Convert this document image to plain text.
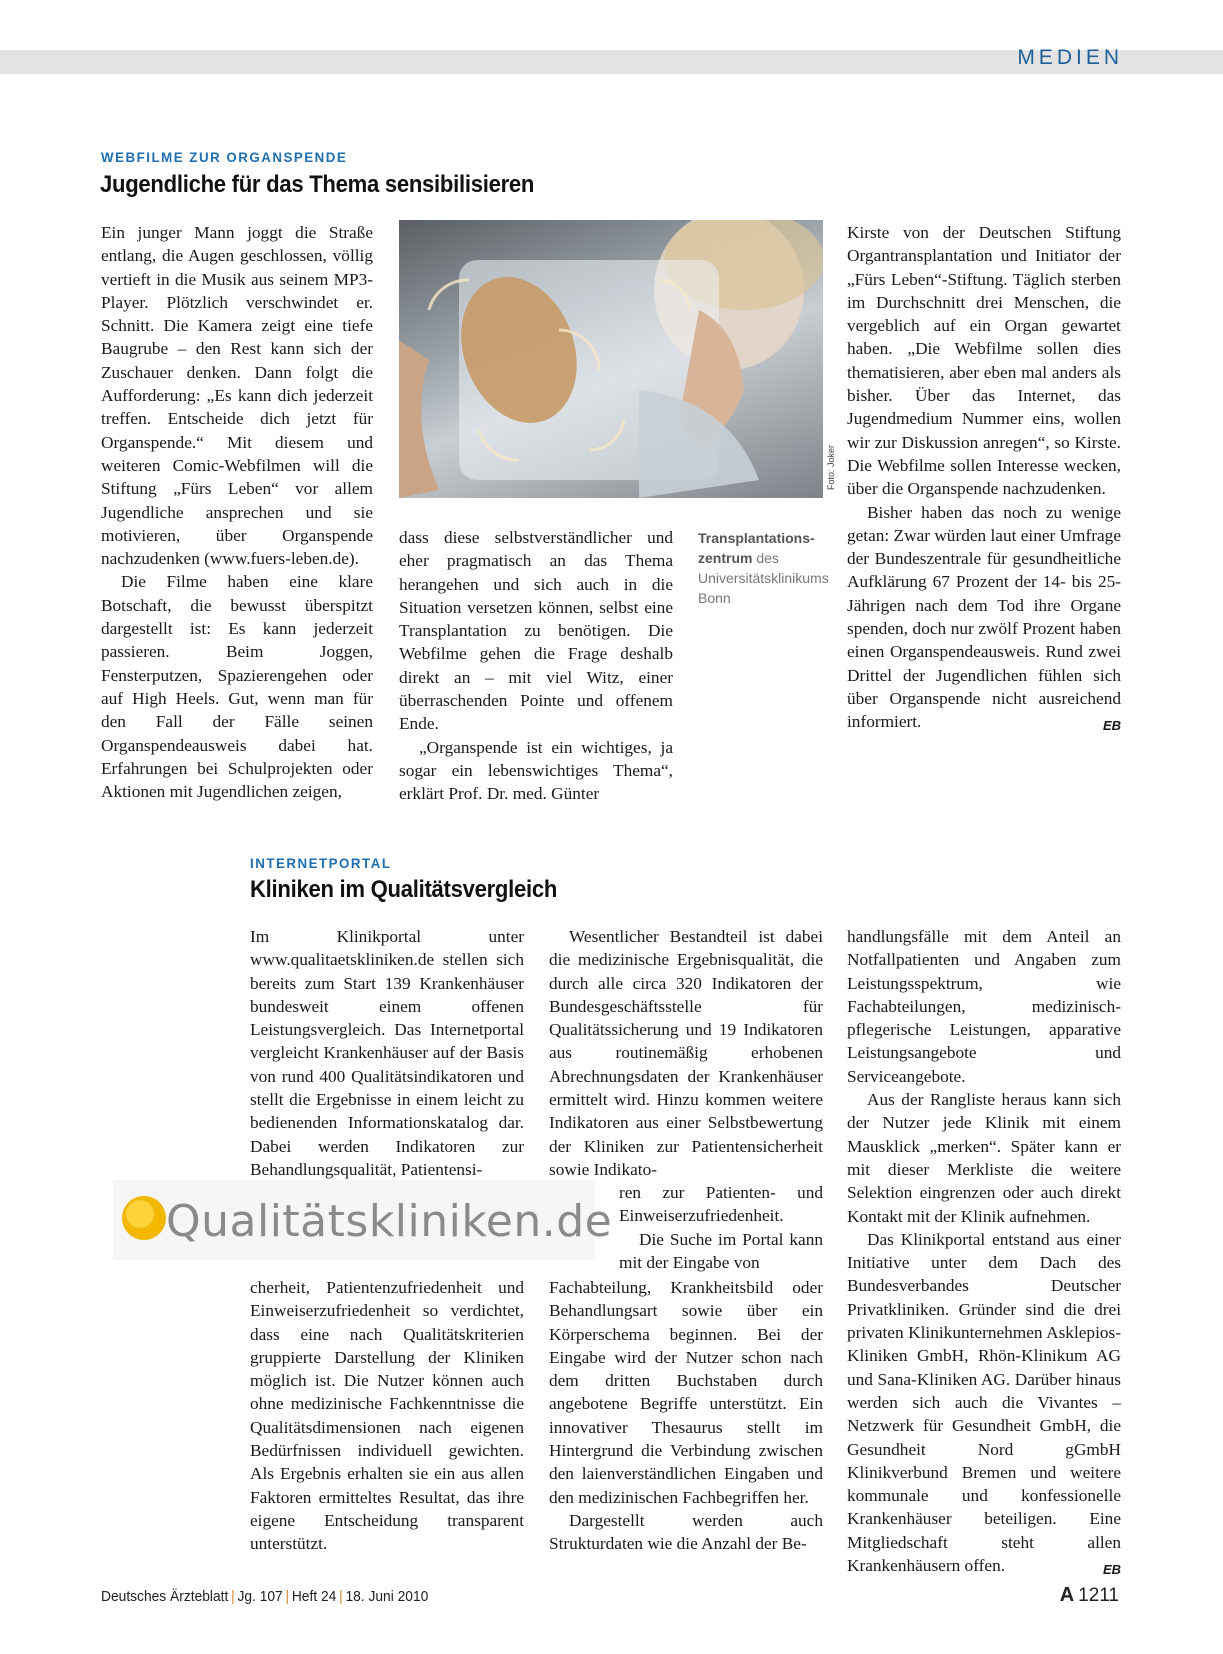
MEDIEN
WEBFILME ZUR ORGANSPENDE
Jugendliche für das Thema sensibilisieren

Ein junger Mann joggt die Straße entlang, die Augen geschlossen, völlig vertieft in die Musik aus seinem MP3-Player. Plötzlich verschwindet er. Schnitt. Die Kamera zeigt eine tiefe Baugrube – den Rest kann sich der Zuschauer denken. Dann folgt die Aufforderung: „Es kann dich jederzeit treffen. Entscheide dich jetzt für Organspende.“ Mit diesem und weiteren Comic-Webfilmen will die Stiftung „Fürs Leben“ vor allem Jugendliche ansprechen und sie motivieren, über Organspende nachzudenken (www.fuers-leben.de).

Die Filme haben eine klare Botschaft, die bewusst überspitzt dargestellt ist: Es kann jederzeit passieren. Beim Joggen, Fensterputzen, Spazierengehen oder auf High Heels. Gut, wenn man für den Fall der Fälle seinen Organspendeausweis dabei hat. Erfahrungen bei Schulprojekten oder Aktionen mit Jugendlichen zeigen,

Foto: Joker

dass diese selbstverständlicher und eher pragmatisch an das Thema herangehen und sich auch in die Situation versetzen können, selbst eine Transplantation zu benötigen. Die Webfilme gehen die Frage deshalb direkt an – mit viel Witz, einer überraschenden Pointe und offenem Ende.

„Organspende ist ein wichtiges, ja sogar ein lebenswichtiges Thema“, erklärt Prof. Dr. med. Günter

Transplantationszentrum des Universitätsklinikums Bonn

Kirste von der Deutschen Stiftung Organtransplantation und Initiator der „Fürs Leben“-Stiftung. Täglich sterben im Durchschnitt drei Menschen, die vergeblich auf ein Organ gewartet haben. „Die Webfilme sollen dies thematisieren, aber eben mal anders als bisher. Über das Internet, das Jugendmedium Nummer eins, wollen wir zur Diskussion anregen“, so Kirste. Die Webfilme sollen Interesse wecken, über die Organspende nachzudenken.

Bisher haben das noch zu wenige getan: Zwar würden laut einer Umfrage der Bundeszentrale für gesundheitliche Aufklärung 67 Prozent der 14- bis 25-Jährigen nach dem Tod ihre Organe spenden, doch nur zwölf Prozent haben einen Organspendeausweis. Rund zwei Drittel der Jugendlichen fühlen sich über Organspende nicht ausreichend informiert.	EB

INTERNETPORTAL
Kliniken im Qualitätsvergleich

Im Klinikportal unter www.qualitaetskliniken.de stellen sich bereits zum Start 139 Krankenhäuser bundesweit einem offenen Leistungsvergleich. Das Internetportal vergleicht Krankenhäuser auf der Basis von rund 400 Qualitätsindikatoren und stellt die Ergebnisse in einem leicht zu bedienenden Informationskatalog dar. Dabei werden Indikatoren zur Behandlungsqualität, Patientensi-

Qualitätskliniken.de

cherheit, Patientenzufriedenheit und Einweiserzufriedenheit so verdichtet, dass eine nach Qualitätskriterien gruppierte Darstellung der Kliniken möglich ist. Die Nutzer können auch ohne medizinische Fachkenntnisse die Qualitätsdimensionen nach eigenen Bedürfnissen individuell gewichten. Als Ergebnis erhalten sie ein aus allen Faktoren ermitteltes Resultat, das ihre eigene Entscheidung transparent unterstützt.

Wesentlicher Bestandteil ist dabei die medizinische Ergebnisqualität, die durch alle circa 320 Indikatoren der Bundesgeschäftsstelle für Qualitätssicherung und 19 Indikatoren aus routinemäßig erhobenen Abrechnungsdaten der Krankenhäuser ermittelt wird. Hinzu kommen weitere Indikatoren aus einer Selbstbewertung der Kliniken zur Patientensicherheit sowie Indikato-

ren zur Patienten- und Einweiserzufriedenheit.

Die Suche im Portal kann mit der Eingabe von

Fachabteilung, Krankheitsbild oder Behandlungsart sowie über ein Körperschema beginnen. Bei der Eingabe wird der Nutzer schon nach dem dritten Buchstaben durch angebotene Begriffe unterstützt. Ein innovativer Thesaurus stellt im Hintergrund die Verbindung zwischen den laienverständlichen Eingaben und den medizinischen Fachbegriffen her.

Dargestellt werden auch Strukturdaten wie die Anzahl der Be-

handlungsfälle mit dem Anteil an Notfallpatienten und Angaben zum Leistungsspektrum, wie Fachabteilungen, medizinisch-pflegerische Leistungen, apparative Leistungsangebote und Serviceangebote.

Aus der Rangliste heraus kann sich der Nutzer jede Klinik mit einem Mausklick „merken“. Später kann er mit dieser Merkliste die weitere Selektion eingrenzen oder auch direkt Kontakt mit der Klinik aufnehmen.

Das Klinikportal entstand aus einer Initiative unter dem Dach des Bundesverbandes Deutscher Privatkliniken. Gründer sind die drei privaten Klinikunternehmen Asklepios-Kliniken GmbH, Rhön-Klinikum AG und Sana-Kliniken AG. Darüber hinaus werden sich auch die Vivantes – Netzwerk für Gesundheit GmbH, die Gesundheit Nord gGmbH Klinikverbund Bremen und weitere kommunale und konfessionelle Krankenhäuser beteiligen. Eine Mitgliedschaft steht allen Krankenhäusern offen.	EB

Deutsches Ärzteblatt | Jg. 107 | Heft 24 | 18. Juni 2010	A 1211
